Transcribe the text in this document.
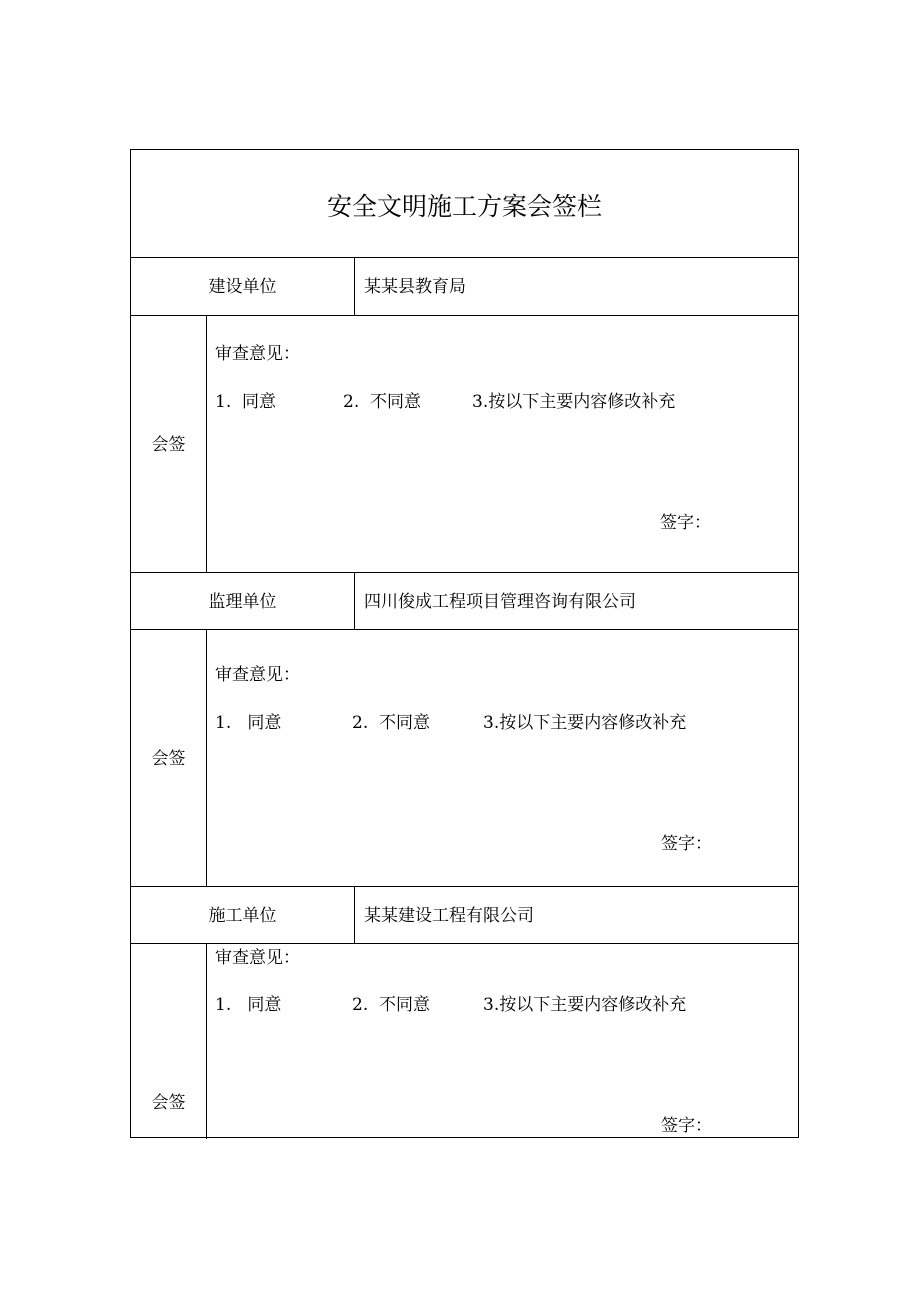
安全文明施工方案会签栏
建设单位	某某县教育局
会签
审查意见：
1.  同意	2.  不同意	3.按以下主要内容修改补充
签字：
监理单位	四川俊成工程项目管理咨询有限公司
会签
审查意见：
1.   同意	2.  不同意	3.按以下主要内容修改补充
签字：
施工单位	某某建设工程有限公司
会签
审查意见：
1.   同意	2.  不同意	3.按以下主要内容修改补充
签字：
